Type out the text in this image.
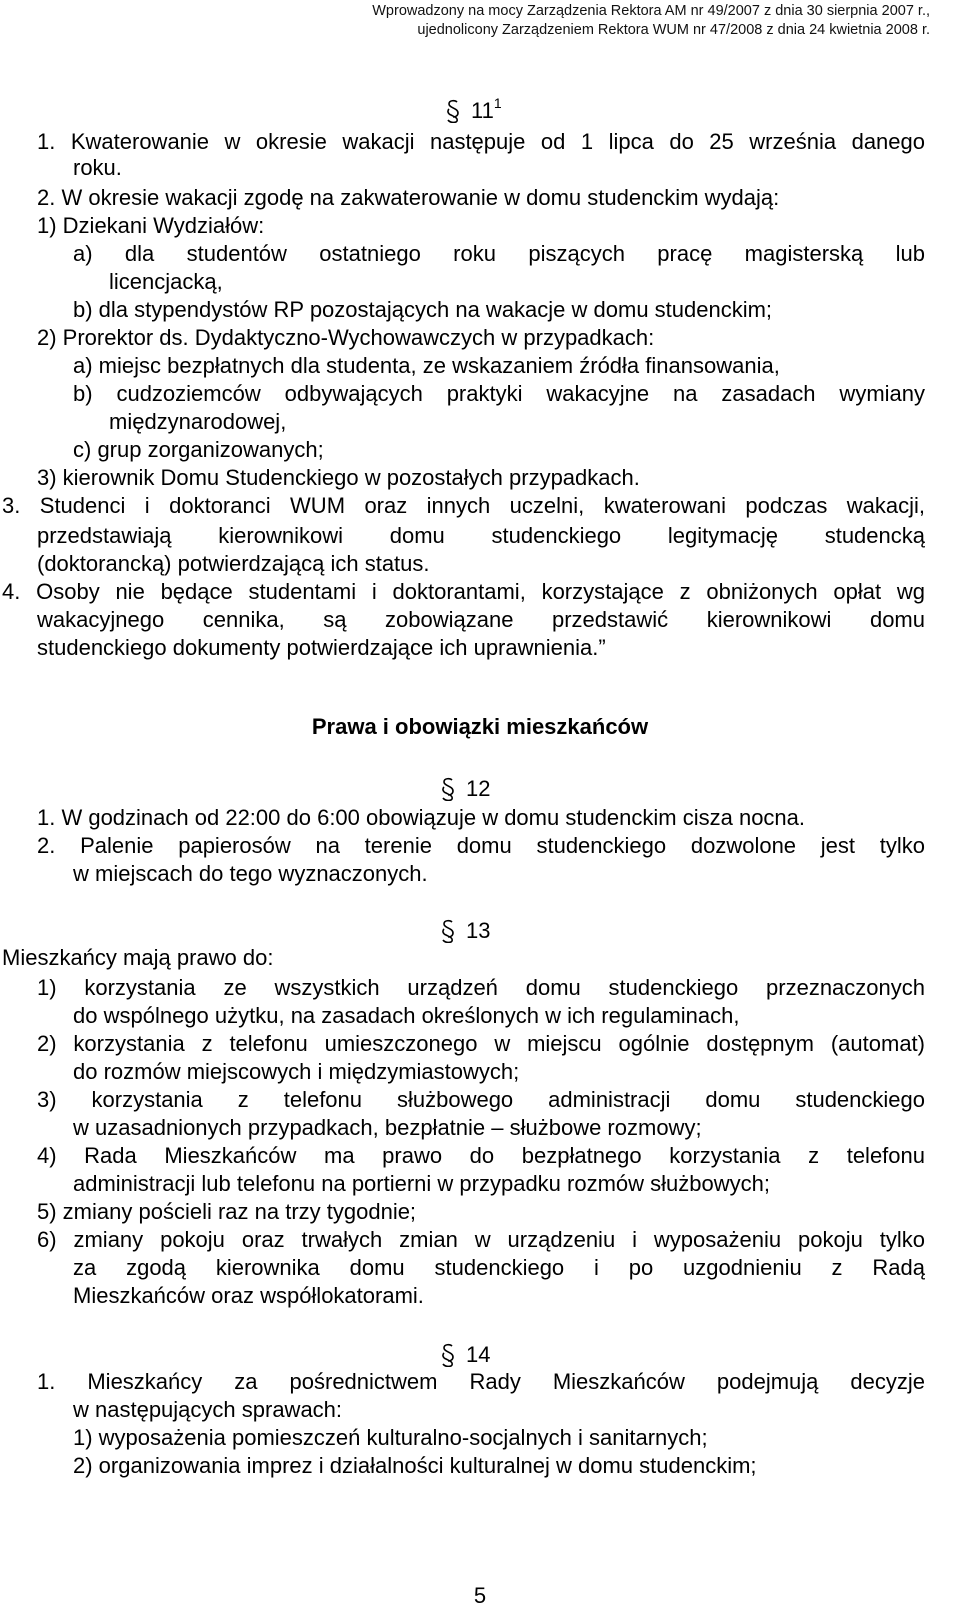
Wprowadzony na mocy Zarządzenia Rektora AM nr 49/2007 z dnia 30 sierpnia 2007 r.,
ujednolicony Zarządzeniem Rektora WUM nr 47/2008 z dnia 24 kwietnia 2008 r.
$11^1$
1. Kwaterowanie w okresie wakacji następuje od 1 lipca do 25 września danego
roku.
2. W okresie wakacji zgodę na zakwaterowanie w domu studenckim wydają:
1) Dziekani Wydziałów:
a) dla studentów ostatniego roku piszących pracę magisterską lub
licencjacką,
b) dla stypendystów RP pozostających na wakacje w domu studenckim;
2) Prorektor ds. Dydaktyczno-Wychowawczych w przypadkach:
a) miejsc bezpłatnych dla studenta, ze wskazaniem źródła finansowania,
b) cudzoziemców odbywających praktyki wakacyjne na zasadach wymiany
międzynarodowej,
c) grup zorganizowanych;
3) kierownik Domu Studenckiego w pozostałych przypadkach.
3. Studenci i doktoranci WUM oraz innych uczelni, kwaterowani podczas wakacji,
przedstawiają kierownikowi domu studenckiego legitymację studencką
(doktorancką) potwierdzającą ich status.
4. Osoby nie będące studentami i doktorantami, korzystające z obniżonych opłat wg
wakacyjnego cennika, są zobowiązane przedstawić kierownikowi domu
studenckiego dokumenty potwierdzające ich uprawnienia.”
Prawa i obowiązki mieszkańców
12
1. W godzinach od 22:00 do 6:00 obowiązuje w domu studenckim cisza nocna.
2. Palenie papierosów na terenie domu studenckiego dozwolone jest tylko
w miejscach do tego wyznaczonych.
13
Mieszkańcy mają prawo do:
1) korzystania ze wszystkich urządzeń domu studenckiego przeznaczonych
do wspólnego użytku, na zasadach określonych w ich regulaminach,
2) korzystania z telefonu umieszczonego w miejscu ogólnie dostępnym (automat)
do rozmów miejscowych i międzymiastowych;
3) korzystania z telefonu służbowego administracji domu studenckiego
w uzasadnionych przypadkach, bezpłatnie – służbowe rozmowy;
4) Rada Mieszkańców ma prawo do bezpłatnego korzystania z telefonu
administracji lub telefonu na portierni w przypadku rozmów służbowych;
5) zmiany pościeli raz na trzy tygodnie;
6) zmiany pokoju oraz trwałych zmian w urządzeniu i wyposażeniu pokoju tylko
za zgodą kierownika domu studenckiego i po uzgodnieniu z Radą
Mieszkańców oraz współlokatorami.
14
1. Mieszkańcy za pośrednictwem Rady Mieszkańców podejmują decyzje
w następujących sprawach:
1) wyposażenia pomieszczeń kulturalno-socjalnych i sanitarnych;
2) organizowania imprez i działalności kulturalnej w domu studenckim;
5
